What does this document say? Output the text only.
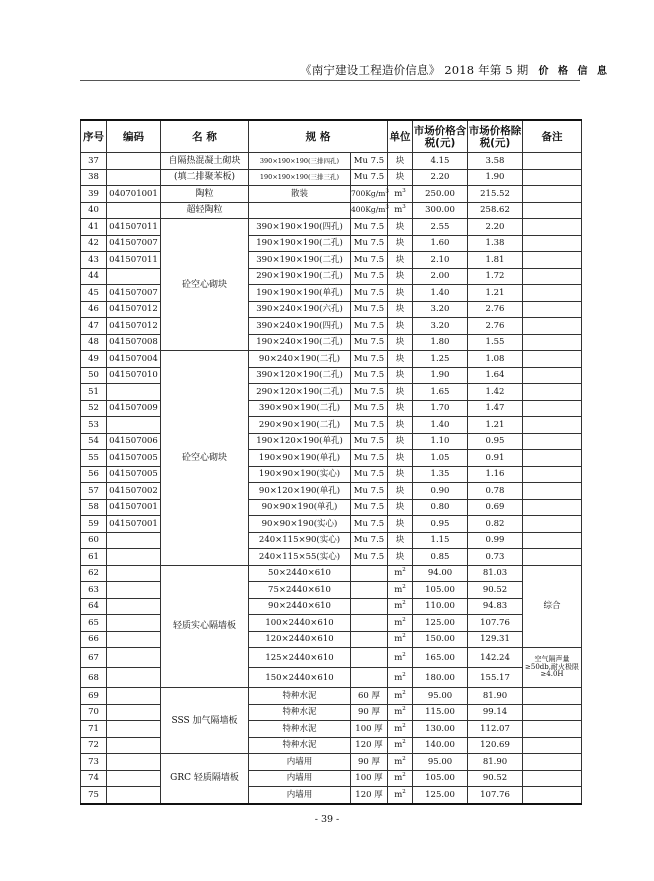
《南宁建设工程造价信息》 2018 年第 5 期 价 格 信 息
序号	编码	名 称	规 格		单位	市场价格含税(元)	市场价格除税(元)	备注
37		自隔热混凝土砌块	390×190×190(三排四孔)	Mu 7.5	块	4.15	3.58	
38		(填二排聚苯板)	190×190×190(三排三孔)	Mu 7.5	块	2.20	1.90	
39	040701001	陶粒	散装	$700Kg/m^3$	$m^3$	250.00	215.52	
40		超轻陶粒		$400Kg/m^3$	$m^3$	300.00	258.62	
41	041507011	砼空心砌块	390×190×190(四孔)	Mu 7.5	块	2.55	2.20	
42	041507007		190×190×190(二孔)	Mu 7.5	块	1.60	1.38	
43	041507011		390×190×190(二孔)	Mu 7.5	块	2.10	1.81	
44			290×190×190(二孔)	Mu 7.5	块	2.00	1.72	
45	041507007		190×190×190(单孔)	Mu 7.5	块	1.40	1.21	
46	041507012		390×240×190(六孔)	Mu 7.5	块	3.20	2.76	
47	041507012		390×240×190(四孔)	Mu 7.5	块	3.20	2.76	
48	041507008		190×240×190(二孔)	Mu 7.5	块	1.80	1.55	
49	041507004	砼空心砌块	90×240×190(二孔)	Mu 7.5	块	1.25	1.08	
50	041507010		390×120×190(二孔)	Mu 7.5	块	1.90	1.64	
51			290×120×190(二孔)	Mu 7.5	块	1.65	1.42	
52	041507009		390×90×190(二孔)	Mu 7.5	块	1.70	1.47	
53			290×90×190(二孔)	Mu 7.5	块	1.40	1.21	
54	041507006		190×120×190(单孔)	Mu 7.5	块	1.10	0.95	
55	041507005		190×90×190(单孔)	Mu 7.5	块	1.05	0.91	
56	041507005		190×90×190(实心)	Mu 7.5	块	1.35	1.16	
57	041507002		90×120×190(单孔)	Mu 7.5	块	0.90	0.78	
58	041507001		90×90×190(单孔)	Mu 7.5	块	0.80	0.69	
59	041507001		90×90×190(实心)	Mu 7.5	块	0.95	0.82	
60			240×115×90(实心)	Mu 7.5	块	1.15	0.99	
61			240×115×55(实心)	Mu 7.5	块	0.85	0.73	
62		轻质实心隔墙板	50×2440×610		$m^2$	94.00	81.03	综合
63			75×2440×610		$m^2$	105.00	90.52	
64			90×2440×610		$m^2$	110.00	94.83	
65			100×2440×610		$m^2$	125.00	107.76	
66			120×2440×610		$m^2$	150.00	129.31	
67			125×2440×610		$m^2$	165.00	142.24	空气隔声量≥50db,耐火极限≥4.0H
68			150×2440×610		$m^2$	180.00	155.17	
69		SSS 加气隔墙板	特种水泥	60 厚	$m^2$	95.00	81.90	
70			特种水泥	90 厚	$m^2$	115.00	99.14	
71			特种水泥	100 厚	$m^2$	130.00	112.07	
72			特种水泥	120 厚	$m^2$	140.00	120.69	
73		GRC 轻质隔墙板	内墙用	90 厚	$m^2$	95.00	81.90	
74			内墙用	100 厚	$m^2$	105.00	90.52	
75			内墙用	120 厚	$m^2$	125.00	107.76	
- 39 -
